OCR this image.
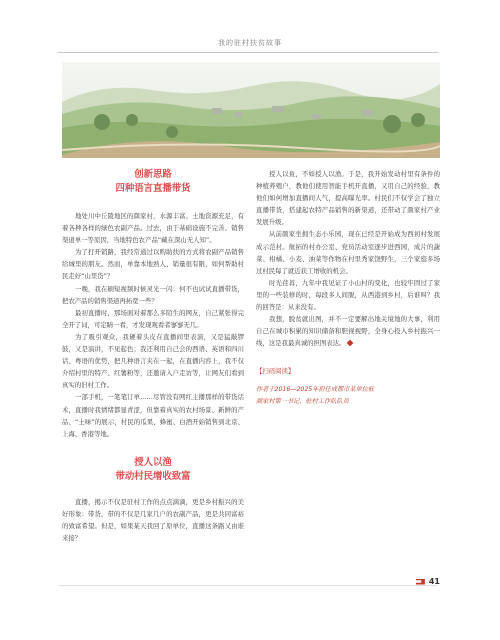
我的驻村扶贫故事
创新思路
四种语言直播带货

地处川中丘陵地区的颜家村，水源丰富、土地资源充足，有着各种各样的绿色农副产品。过去，由于基础设施不完善、销售渠道单一等原因，当地特色农产品“藏在深山无人知”。

为了打开销路，我经常通过以购助扶的方式将农副产品销售给城里的朋友。然而，单靠本地熟人、销量很有限，如何帮助村民走好“山里货”？

一晚，我在刷短视频时候灵光一闪：何不也试试直播带货，把农产品的销售渠道再拓宽一些？

最初直播时，那场面对着那么多陌生的网友，自己紧张得完全开了词，可定睛一看，才发现观看者寥寥无几。

为了吸引观众，我硬着头皮在直播间里表演，又是猛敲锣鼓，又是演讲，不见起色；我还利用自己会的西语、英语和四川话、粤语的优势，把几种语言夹在一起，在直播内容上，我不仅介绍村里的特产、红薯粉等，还邀请入户走访等，让网友们看到真实的旧村工作。

一部手机，一笔笔订单……尽管没有网红主播那样的带货话术，直播时我情绪都显青涩，但靠着真实的农村场景、新鲜的产品、“土味”的展示，村民的瓜果、蜂蜜、白酒开始销售到北京、上海、香港等地。

授人以渔
带动村民增收致富

直播，揭示不仅是驻村工作的点点滴滴，更是乡村振兴的美好形象：带货，带的不仅是几家几户的农副产品，更是共同富裕的致富希望。但是，如果某天我回了原单位，直播这条路又由谁来接？

授人以鱼，不如授人以渔。于是，我开始发动村里有条件的种植养殖户，教他们使用智能手机开直播，又用自己的经验，教他们如何增加直播间人气，提高曝光率。村民们不仅学会了独立直播带货，搭建起农特产品销售的新渠道，还带动了颜家村产业发展升级。

从前颜家坐拥生态小乐园，现在已经是开始成为西初村发展成示范村。航拓的村办公室、党员活动室逐步进西园，成片的蔬菜、柑橘、小麦、油菜等作物在村里秀家饶野生，三个家庭多场过村民每了就近获工增收的机会。

时光荏苒，九年中我见证了小山村的变化，也较牢固过了家里的一些装修的时，每段多人间脱，从西港到乡村，后谁叫？我的回答是：从来没有。

我想，脱贫就出图，并不一定要解出地关境地的大事，利用自己在城市积累的知识储备和胆视视野，全身心投入乡村振兴一线，这是我最真诚的担图表达。

【扫码阅读】
作者于2016—2025年担任成都市某单位驻
颜家村第一书记、驻村工作队队员
41
